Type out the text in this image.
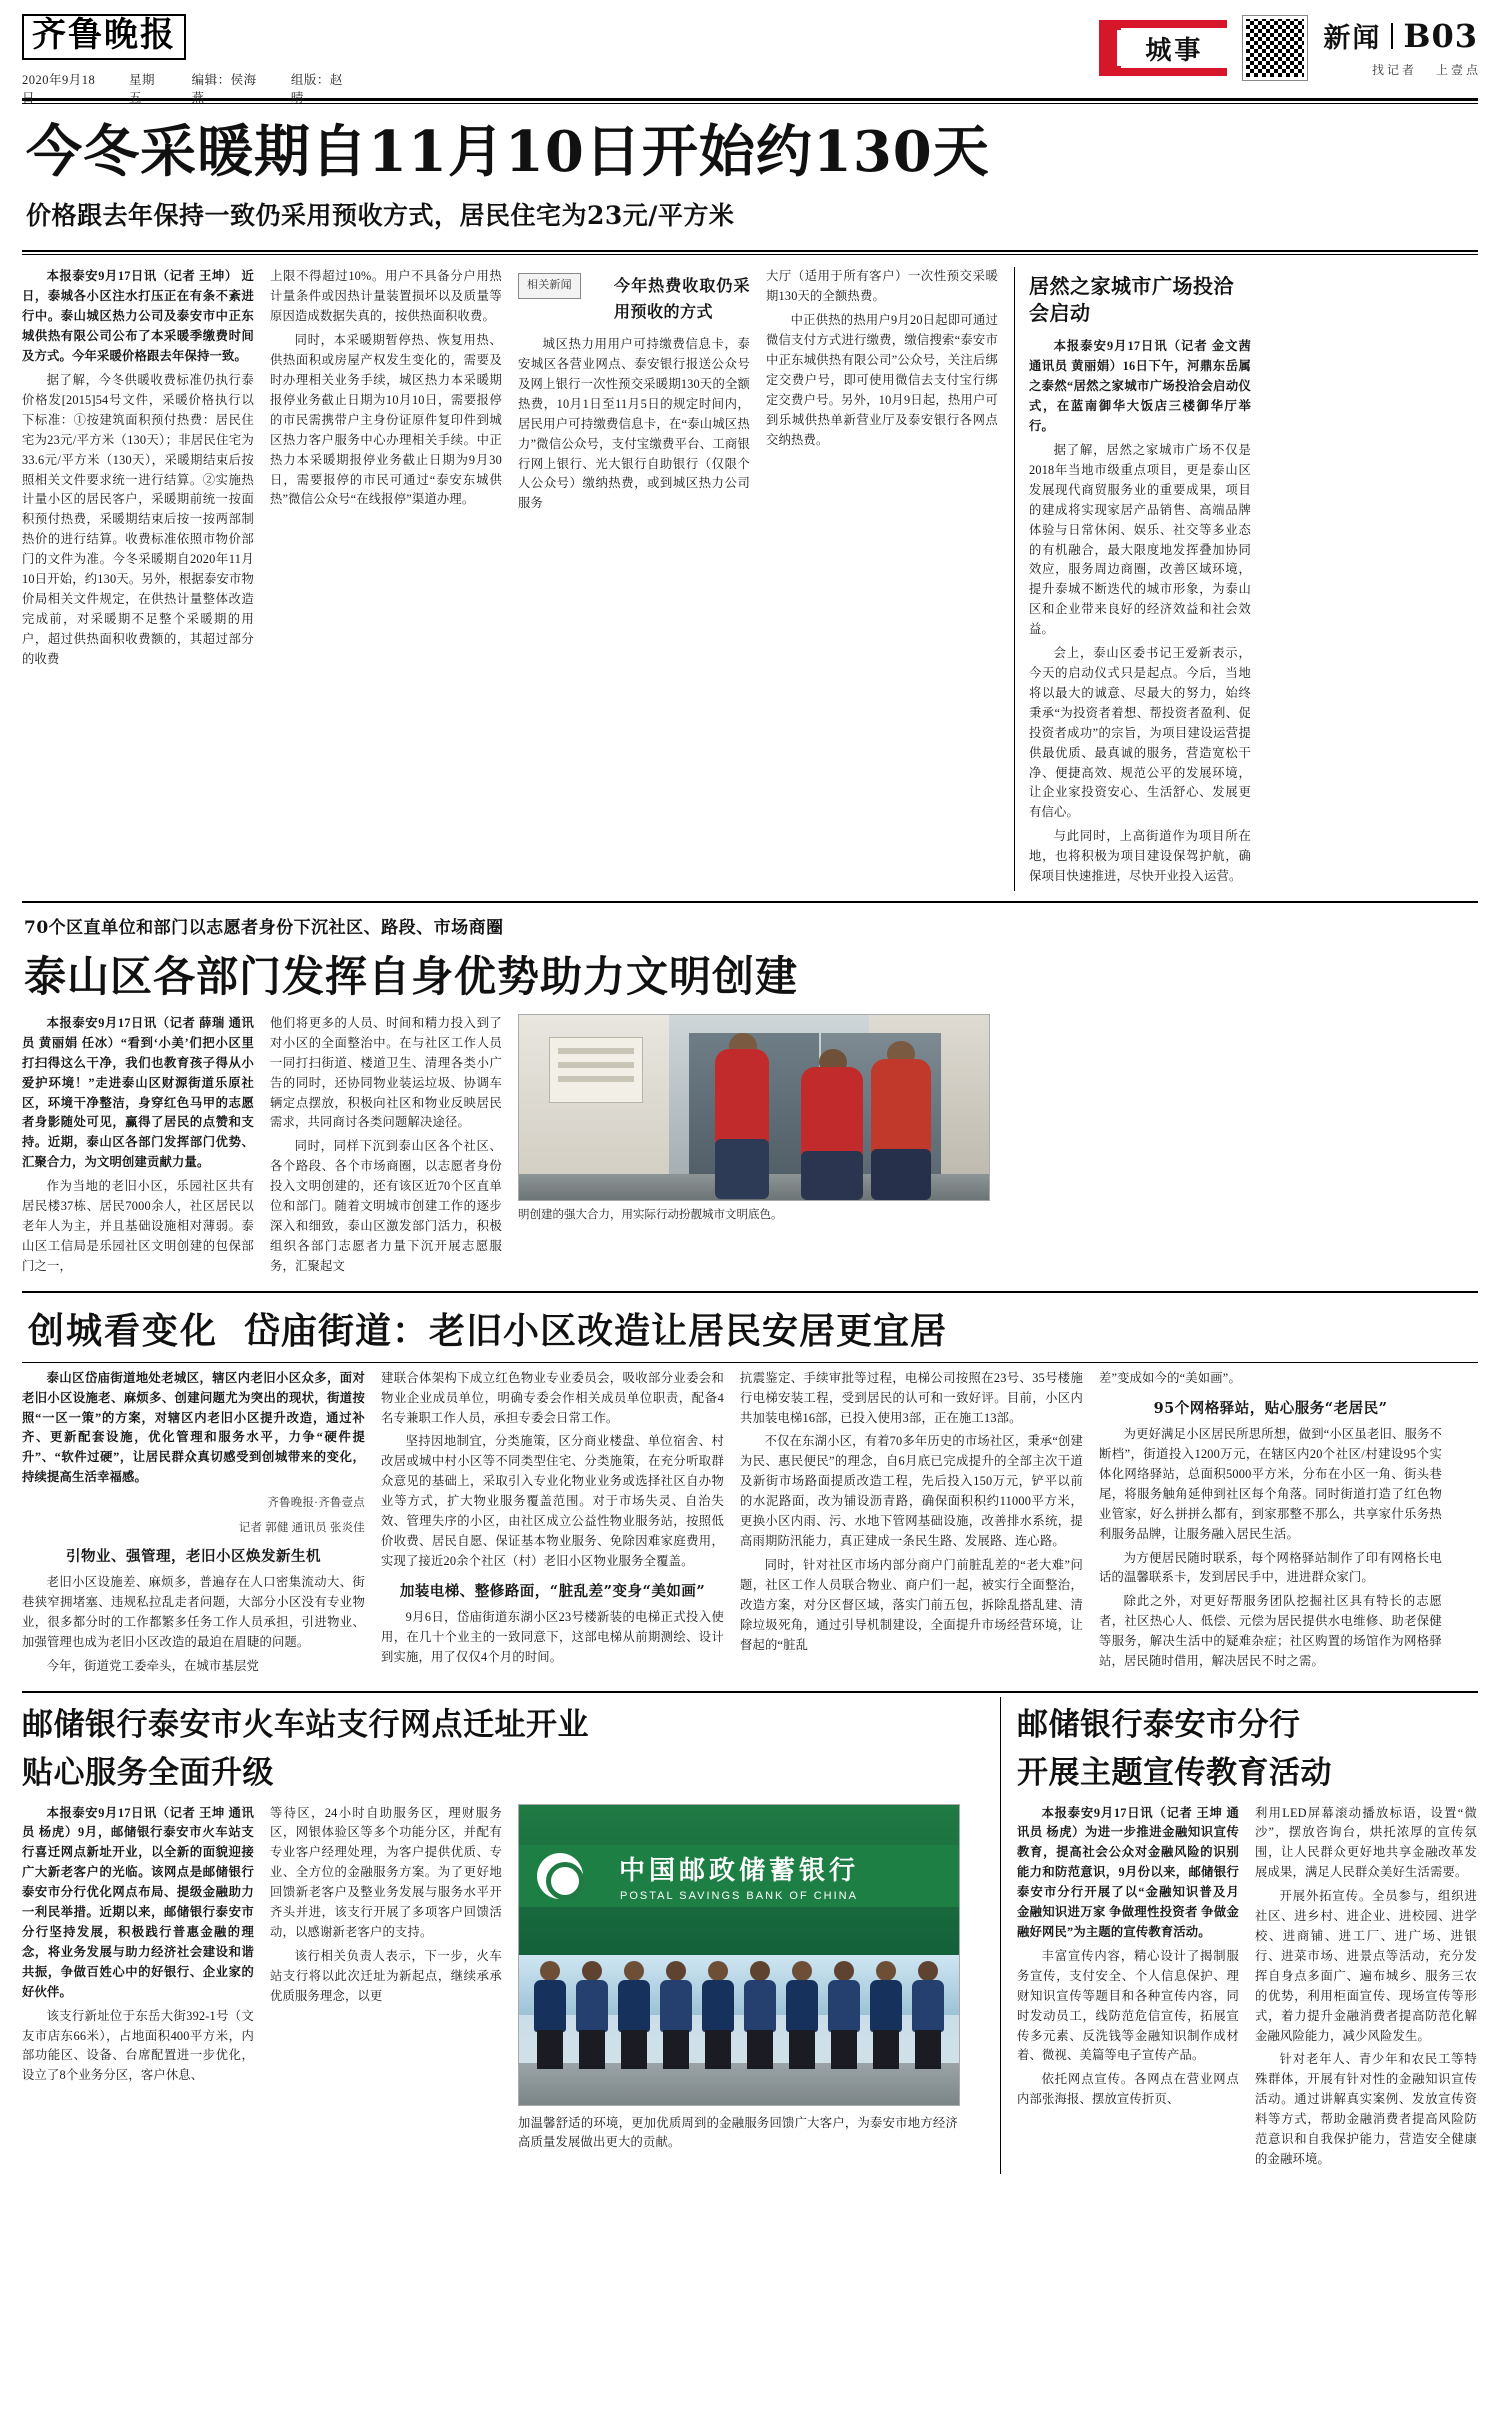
齐鲁晚报
2020年9月18日
星期五
编辑：侯海燕
组版：赵晴
城事	新闻 B03
找 记 者 上 壹 点
今冬采暖期自11月10日开始约130天
价格跟去年保持一致仍采用预收方式，居民住宅为23元/平方米

本报泰安9月17日讯（记者 王坤） 近日，泰城各小区注水打压正在有条不紊进行中。泰山城区热力公司及泰安市中正东城供热有限公司公布了本采暖季缴费时间及方式。今年采暖价格跟去年保持一致。

据了解，今冬供暖收费标准仍执行泰价格发[2015]54号文件，采暖价格执行以下标准：①按建筑面积预付热费：居民住宅为23元/平方米（130天）；非居民住宅为33.6元/平方米（130天），采暖期结束后按照相关文件要求统一进行结算。②实施热计量小区的居民客户，采暖期前统一按面积预付热费，采暖期结束后按一按两部制热价的进行结算。收费标准依照市物价部门的文件为准。今冬采暖期自2020年11月10日开始，约130天。另外，根据泰安市物价局相关文件规定，在供热计量整体改造完成前，对采暖期不足整个采暖期的用户，超过供热面积收费额的，其超过部分的收费

上限不得超过10%。用户不具备分户用热计量条件或因热计量装置损坏以及质量等原因造成数据失真的，按供热面积收费。

同时，本采暖期暂停热、恢复用热、供热面积或房屋产权发生变化的，需要及时办理相关业务手续，城区热力本采暖期报停业务截止日期为10月10日，需要报停的市民需携带户主身份证原件复印件到城区热力客户服务中心办理相关手续。中正热力本采暖期报停业务截止日期为9月30日，需要报停的市民可通过“泰安东城供热”微信公众号“在线报停”渠道办理。

相关新闻	今年热费收取仍采用预收的方式

城区热力用用户可持缴费信息卡，泰安城区各营业网点、泰安银行报送公众号及网上银行一次性预交采暖期130天的全额热费，10月1日至11月5日的规定时间内，居民用户可持缴费信息卡，在“泰山城区热力”微信公众号，支付宝缴费平台、工商银行网上银行、光大银行自助银行（仅限个人公众号）缴纳热费，或到城区热力公司服务

大厅（适用于所有客户）一次性预交采暖期130天的全额热费。

中正供热的热用户9月20日起即可通过微信支付方式进行缴费，缴信搜索“泰安市中正东城供热有限公司”公众号，关注后绑定交费户号，即可使用微信去支付宝行绑定交费户号。另外，10月9日起，热用户可到乐城供热单新营业厅及泰安银行各网点交纳热费。

居然之家城市广场投洽会启动

本报泰安9月17日讯（记者 金文茜 通讯员 黄丽娟）16日下午，河鼎东岳属之泰然“居然之家城市广场投洽会启动仪式，在蓝南御华大饭店三楼御华厅举行。

据了解，居然之家城市广场不仅是2018年当地市级重点项目，更是泰山区发展现代商贸服务业的重要成果，项目的建成将实现家居产品销售、高端品牌体验与日常休闲、娱乐、社交等多业态的有机融合，最大限度地发挥叠加协同效应，服务周边商圈，改善区域环境，提升泰城不断迭代的城市形象，为泰山区和企业带来良好的经济效益和社会效益。

会上，泰山区委书记王爱新表示，今天的启动仪式只是起点。今后，当地将以最大的诚意、尽最大的努力，始终秉承“为投资者着想、帮投资者盈利、促投资者成功”的宗旨，为项目建设运营提供最优质、最真诚的服务，营造宽松干净、便捷高效、规范公平的发展环境，让企业家投资安心、生活舒心、发展更有信心。

与此同时，上高街道作为项目所在地，也将积极为项目建设保驾护航，确保项目快速推进，尽快开业投入运营。

70个区直单位和部门以志愿者身份下沉社区、路段、市场商圈
泰山区各部门发挥自身优势助力文明创建

本报泰安9月17日讯（记者 薛瑞 通讯员 黄丽娟 任冰）“看到‘小美’们把小区里打扫得这么干净，我们也教育孩子得从小爱护环境！”走进泰山区财源街道乐原社区，环境干净整洁，身穿红色马甲的志愿者身影随处可见，赢得了居民的点赞和支持。近期，泰山区各部门发挥部门优势、汇聚合力，为文明创建贡献力量。

作为当地的老旧小区，乐园社区共有居民楼37栋、居民7000余人，社区居民以老年人为主，并且基础设施相对薄弱。泰山区工信局是乐园社区文明创建的包保部门之一，

他们将更多的人员、时间和精力投入到了对小区的全面整治中。在与社区工作人员一同打扫街道、楼道卫生、清理各类小广告的同时，还协同物业装运垃圾、协调车辆定点摆放，积极向社区和物业反映居民需求，共同商讨各类问题解决途径。

同时，同样下沉到泰山区各个社区、各个路段、各个市场商圈，以志愿者身份投入文明创建的，还有该区近70个区直单位和部门。随着文明城市创建工作的逐步深入和细致，泰山区激发部门活力，积极组织各部门志愿者力量下沉开展志愿服务，汇聚起文

明创建的强大合力，用实际行动扮靓城市文明底色。
创城看变化 岱庙街道：老旧小区改造让居民安居更宜居

泰山区岱庙街道地处老城区，辖区内老旧小区众多，面对老旧小区设施老、麻烦多、创建问题尤为突出的现状，街道按照“一区一策”的方案，对辖区内老旧小区提升改造，通过补齐、更新配套设施，优化管理和服务水平，力争“硬件提升”、“软件过硬”，让居民群众真切感受到创城带来的变化，持续提高生活幸福感。

齐鲁晚报·齐鲁壹点
记者 郭健 通讯员 张炎佳
引物业、强管理，老旧小区焕发新生机

老旧小区设施差、麻烦多，普遍存在人口密集流动大、街巷狭窄拥堵塞、违规私拉乱走者问题，大部分小区没有专业物业，很多都分时的工作都繁多任务工作人员承担，引进物业、加强管理也成为老旧小区改造的最迫在眉睫的问题。

今年，街道党工委牵头，在城市基层党

建联合体架构下成立红色物业专业委员会，吸收部分业委会和物业企业成员单位，明确专委会作相关成员单位职责，配备4名专兼职工作人员，承担专委会日常工作。

坚持因地制宜，分类施策，区分商业楼盘、单位宿舍、村改居或城中村小区等不同类型住宅、分类施策，在充分听取群众意见的基础上，采取引入专业化物业业务或选择社区自办物业等方式，扩大物业服务覆盖范围。对于市场失灵、自治失效、管理失序的小区，由社区成立公益性物业服务站，按照低价收费、居民自愿、保证基本物业服务、免除因难家庭费用，实现了接近20余个社区（村）老旧小区物业服务全覆盖。

加装电梯、整修路面，“脏乱差”变身“美如画”

9月6日，岱庙街道东湖小区23号楼新装的电梯正式投入使用，在几十个业主的一致同意下，这部电梯从前期测绘、设计到实施，用了仅仅4个月的时间。

抗震鉴定、手续审批等过程，电梯公司按照在23号、35号楼施行电梯安装工程，受到居民的认可和一致好评。目前，小区内共加装电梯16部，已投入使用3部，正在施工13部。

不仅在东湖小区，有着70多年历史的市场社区，秉承“创建为民、惠民便民”的理念，自6月底已完成提升的全部主次干道及新街市场路面提质改造工程，先后投入150万元，铲平以前的水泥路面，改为铺设沥青路，确保面积积约11000平方米，更换小区内雨、污、水地下管网基础设施，改善排水系统，提高雨期防汛能力，真正建成一条民生路、发展路、连心路。

同时，针对社区市场内部分商户门前脏乱差的“老大难”问题，社区工作人员联合物业、商户们一起，被实行全面整治，改造方案，对分区督区域，落实门前五包，拆除乱搭乱建、清除垃圾死角，通过引导机制建设，全面提升市场经营环境，让督起的“脏乱

差”变成如今的“美如画”。

95个网格驿站，贴心服务“老居民”

为更好满足小区居民所思所想，做到“小区虽老旧、服务不断档”，街道投入1200万元，在辖区内20个社区/村建设95个实体化网络驿站，总面积5000平方米，分布在小区一角、街头巷尾，将服务触角延伸到社区每个角落。同时街道打造了红色物业管家，好么拼拼么都有，到家那整不那么，共享家什乐务热利服务品牌，让服务融入居民生活。

为方便居民随时联系，每个网格驿站制作了印有网格长电话的温馨联系卡，发到居民手中，进进群众家门。

除此之外，对更好帮服务团队挖掘社区具有特长的志愿者，社区热心人、低偿、元偿为居民提供水电维修、助老保健等服务，解决生活中的疑难杂症；社区购置的场馆作为网格驿站，居民随时借用，解决居民不时之需。

邮储银行泰安市火车站支行网点迁址开业
贴心服务全面升级

本报泰安9月17日讯（记者 王坤 通讯员 杨虎）9月，邮储银行泰安市火车站支行喜迁网点新址开业，以全新的面貌迎接广大新老客户的光临。该网点是邮储银行泰安市分行优化网点布局、提级金融助力一利民举措。近期以来，邮储银行泰安市分行坚持发展，积极践行普惠金融的理念，将业务发展与助力经济社会建设和谐共振，争做百姓心中的好银行、企业家的好伙伴。

该支行新址位于东岳大街392-1号（文友市店东66米），占地面积400平方米，内部功能区、设备、台席配置进一步优化，设立了8个业务分区，客户休息、

等待区，24小时自助服务区，理财服务区，网银体验区等多个功能分区，并配有专业客户经理处理，为客户提供优质、专业、全方位的金融服务方案。为了更好地回馈新老客户及整业务发展与服务水平开齐头并进，该支行开展了多项客户回馈活动，以感谢新老客户的支持。

该行相关负责人表示，下一步，火车站支行将以此次迁址为新起点，继续承承优质服务理念，以更

中国邮政储蓄银行
POSTAL SAVINGS BANK OF CHINA

加温馨舒适的环境，更加优质周到的金融服务回馈广大客户，为泰安市地方经济高质量发展做出更大的贡献。

邮储银行泰安市分行
开展主题宣传教育活动

本报泰安9月17日讯（记者 王坤 通讯员 杨虎）为进一步推进金融知识宣传教育，提高社会公众对金融风险的识别能力和防范意识，9月份以来，邮储银行泰安市分行开展了以“金融知识普及月 金融知识进万家 争做理性投资者 争做金融好网民”为主题的宣传教育活动。

丰富宣传内容，精心设计了揭制服务宣传，支付安全、个人信息保护、理财知识宣传等题目和各种宣传内容，同时发动员工，线防范危信宣传，拓展宣传多元素、反洗钱等金融知识制作成材着、微视、美篇等电子宣传产品。

依托网点宣传。各网点在营业网点内部张海报、摆放宣传折页、

利用LED屏幕滚动播放标语，设置“微沙”，摆放咨询台，烘托浓厚的宣传氛围，让人民群众更好地共享金融改革发展成果，满足人民群众美好生活需要。

开展外拓宣传。全员参与，组织进社区、进乡村、进企业、进校园、进学校、进商铺、进工厂、进广场、进银行、进菜市场、进景点等活动，充分发挥自身点多面广、遍布城乡、服务三农的优势，利用柜面宣传、现场宣传等形式，着力提升金融消费者提高防范化解金融风险能力，减少风险发生。

针对老年人、青少年和农民工等特殊群体，开展有针对性的金融知识宣传活动。通过讲解真实案例、发放宣传资料等方式，帮助金融消费者提高风险防范意识和自我保护能力，营造安全健康的金融环境。
